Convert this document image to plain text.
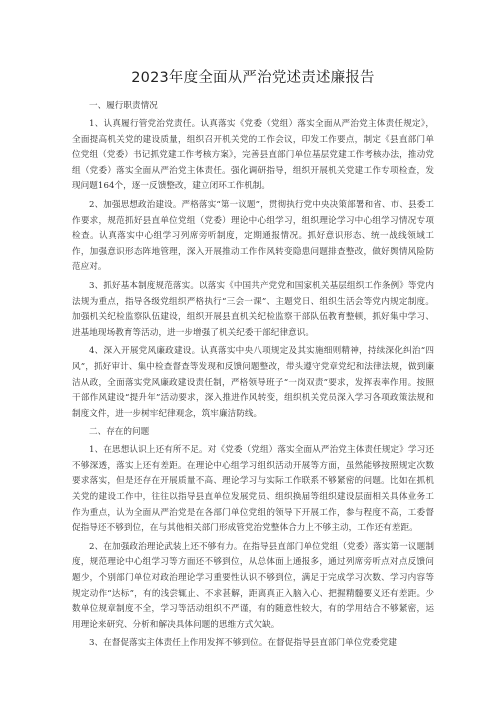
2023年度全面从严治党述责述廉报告

一、履行职责情况

1、认真履行管党治党责任。认真落实《党委（党组）落实全面从严治党主体责任规定》，全面提高机关党的建设质量，组织召开机关党的工作会议，印发工作要点，制定《县直部门单位党组（党委）书记抓党建工作考核方案》，完善县直部门单位基层党建工作考核办法，推动党组（党委）落实全面从严治党主体责任。强化调研指导，组织开展机关党建工作专项检查，发现问题164个，逐一反馈整改，建立闭环工作机制。

2、加强思想政治建设。严格落实“第一议题”，贯彻执行党中央决策部署和省、市、县委工作要求，规范抓好县直单位党组（党委）理论中心组学习，组织理论学习中心组学习情况专项检查。认真落实中心组学习列席旁听制度，定期通报情况。抓好意识形态、统一战线领域工作，加强意识形态阵地管理，深入开展推动工作作风转变隐患问题排查整改，做好舆情风险防范应对。

3、抓好基本制度规范落实。以落实《中国共产党党和国家机关基层组织工作条例》等党内法规为重点，指导各级党组织严格执行“三会一课”、主题党日、组织生活会等党内规定制度。加强机关纪检监察队伍建设，组织开展县直机关纪检监察干部队伍教育整顿，抓好集中学习、进基地现场教育等活动，进一步增强了机关纪委干部纪律意识。

4、深入开展党风廉政建设。认真落实中央八项规定及其实施细则精神，持续深化纠治“四风”，抓好审计、集中检查督查等发现和反馈问题整改，带头遵守党章党纪和法律法规，做到廉洁从政，全面落实党风廉政建设责任制，严格领导班子“一岗双责”要求，发挥表率作用。按照干部作风建设“提升年”活动要求，深入推进作风转变，组织机关党员深入学习各项政策法规和制度文件，进一步树牢纪律观念，筑牢廉洁防线。

二、存在的问题

1、在思想认识上还有所不足。对《党委（党组）落实全面从严治党主体责任规定》学习还不够深透，落实上还有差距。在理论中心组学习组织活动开展等方面，虽然能够按照规定次数要求落实，但是还存在开展质量不高、理论学习与实际工作联系不够紧密的问题。比如在抓机关党的建设工作中，往往以指导县直单位发展党员、组织换届等组织建设层面相关具体业务工作为重点，认为全面从严治党是在各部门单位党组的领导下开展工作，参与程度不高，工委督促指导还不够到位，在与其他相关部门形成管党治党整体合力上不够主动，工作还有差距。

2、在加强政治理论武装上还不够有力。在指导县直部门单位党组（党委）落实第一议题制度，规范理论中心组学习等方面还不够到位，从总体面上通报多，通过列席旁听点对点反馈问题少，个别部门单位对政治理论学习重要性认识不够到位，满足于完成学习次数、学习内容等规定动作“达标”，有的浅尝辄止、不求甚解，距离真正入脑入心、把握精髓要义还有差距。少数单位规章制度不全，学习等活动组织不严谨，有的随意性较大，有的学用结合不够紧密，运用理论来研究、分析和解决具体问题的思维方式欠缺。

3、在督促落实主体责任上作用发挥不够到位。在督促指导县直部门单位党委党建
